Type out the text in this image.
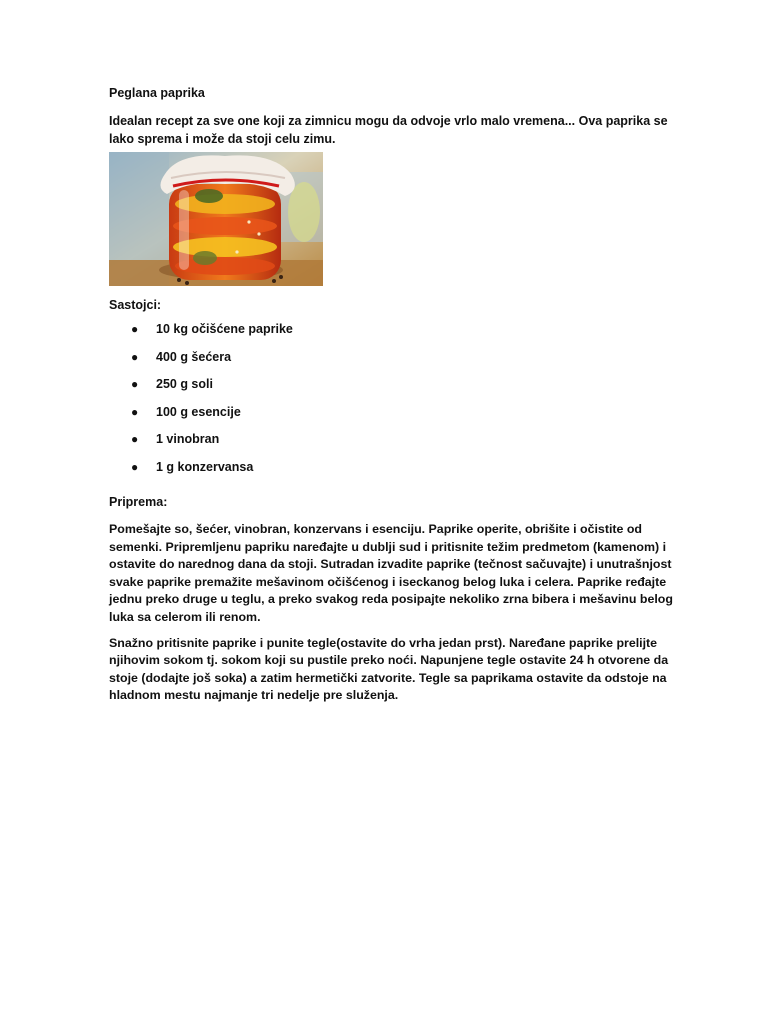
Peglana paprika

Idealan recept za sve one koji za zimnicu mogu da odvoje vrlo malo vremena... Ova paprika se lako sprema i može da stoji celu zimu.

Sastojci:

● 10 kg očišćene paprike
● 400 g šećera
● 250 g soli
● 100 g esencije
● 1 vinobran
● 1 g konzervansa

Priprema:

Pomešajte so, šećer, vinobran, konzervans i esenciju. Paprike operite, obrišite i očistite od semenki. Pripremljenu papriku naređajte u dublji sud i pritisnite težim predmetom (kamenom) i ostavite do narednog dana da stoji. Sutradan izvadite paprike (tečnost sačuvajte) i unutrašnjost svake paprike premažite mešavinom očišćenog i iseckanog belog luka i celera. Paprike ređajte jednu preko druge u teglu, a preko svakog reda posipajte nekoliko zrna bibera i mešavinu belog luka sa celerom ili renom.

Snažno pritisnite paprike i punite tegle(ostavite do vrha jedan prst). Naređane paprike prelijte njihovim sokom tj. sokom koji su pustile preko noći. Napunjene tegle ostavite 24 h otvorene da stoje (dodajte još soka) a zatim hermetički zatvorite. Tegle sa paprikama ostavite da odstoje na hladnom mestu najmanje tri nedelje pre služenja.
